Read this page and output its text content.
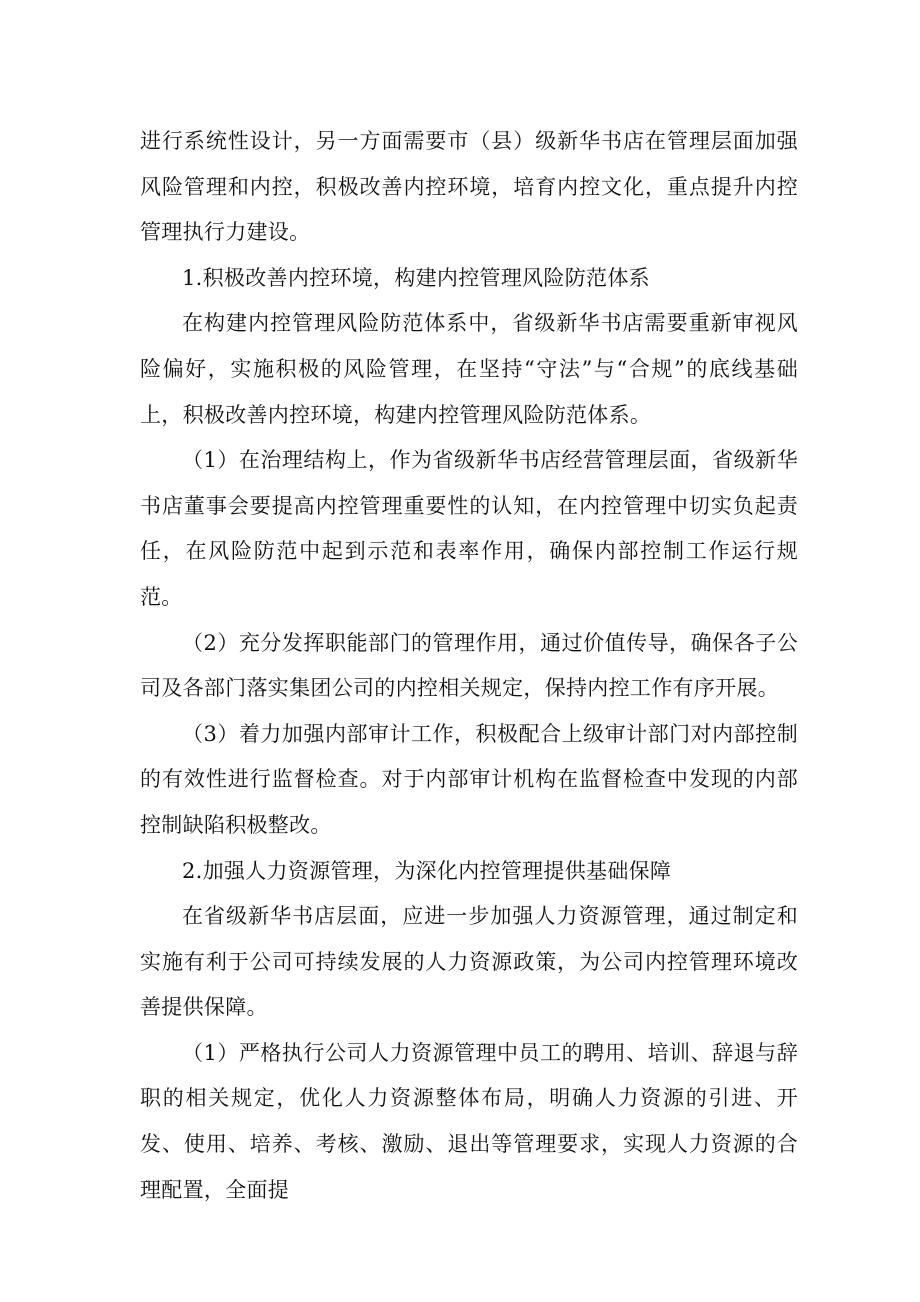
进行系统性设计，另一方面需要市（县）级新华书店在管理层面加强风险管理和内控，积极改善内控环境，培育内控文化，重点提升内控管理执行力建设。

1.积极改善内控环境，构建内控管理风险防范体系

在构建内控管理风险防范体系中，省级新华书店需要重新审视风险偏好，实施积极的风险管理，在坚持“守法”与“合规”的底线基础上，积极改善内控环境，构建内控管理风险防范体系。

（1）在治理结构上，作为省级新华书店经营管理层面，省级新华书店董事会要提高内控管理重要性的认知，在内控管理中切实负起责任，在风险防范中起到示范和表率作用，确保内部控制工作运行规范。

（2）充分发挥职能部门的管理作用，通过价值传导，确保各子公司及各部门落实集团公司的内控相关规定，保持内控工作有序开展。

（3）着力加强内部审计工作，积极配合上级审计部门对内部控制的有效性进行监督检查。对于内部审计机构在监督检查中发现的内部控制缺陷积极整改。

2.加强人力资源管理，为深化内控管理提供基础保障

在省级新华书店层面，应进一步加强人力资源管理，通过制定和实施有利于公司可持续发展的人力资源政策，为公司内控管理环境改善提供保障。

（1）严格执行公司人力资源管理中员工的聘用、培训、辞退与辞职的相关规定，优化人力资源整体布局，明确人力资源的引进、开发、使用、培养、考核、激励、退出等管理要求，实现人力资源的合理配置，全面提
